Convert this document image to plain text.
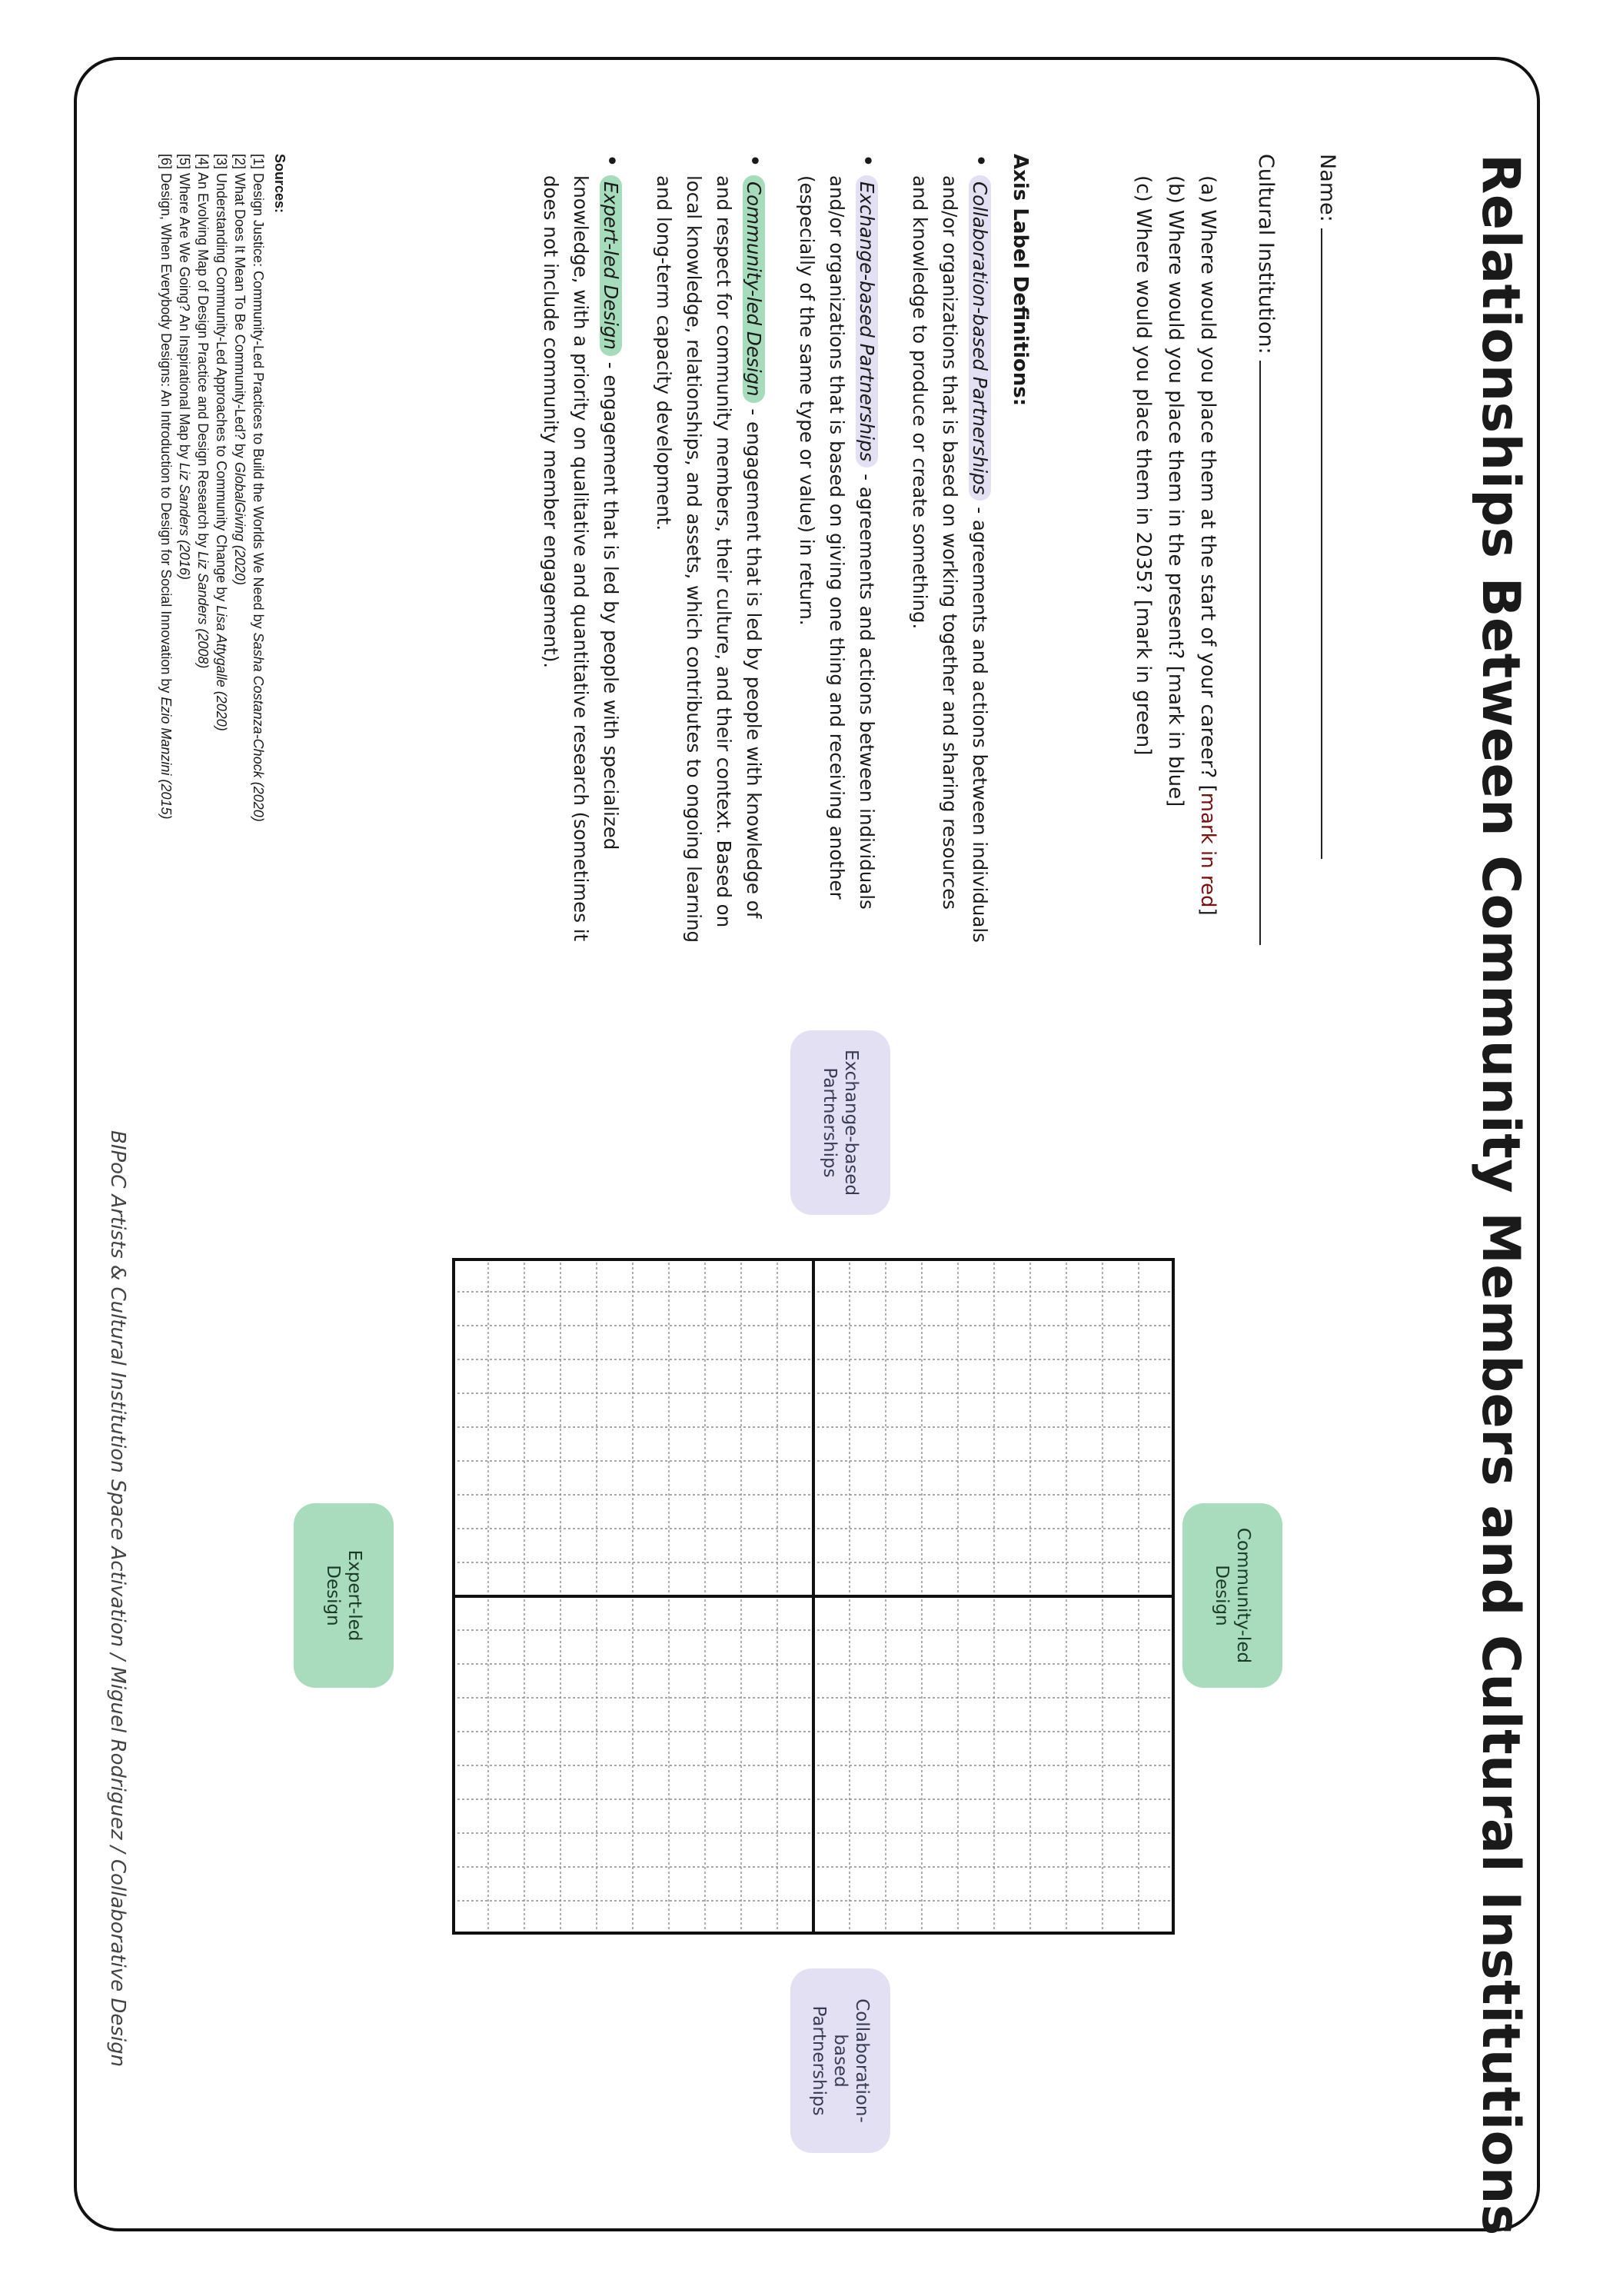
Relationships Between Community Members and Cultural Institutions
Name:
Cultural Institution:
(a) Where would you place them at the start of your career? [mark in red]
(b) Where would you place them in the present? [mark in blue]
(c) Where would you place them in 2035? [mark in green]
Axis Label Definitions:
• Collaboration-based Partnerships - agreements and actions between individuals and/or organizations that is based on working together and sharing resources and knowledge to produce or create something.
• Exchange-based Partnerships - agreements and actions between individuals and/or organizations that is based on giving one thing and receiving another (especially of the same type or value) in return.
• Community-led Design - engagement that is led by people with knowledge of and respect for community members, their culture, and their context. Based on local knowledge, relationships, and assets, which contributes to ongoing learning and long-term capacity development.
• Expert-led Design - engagement that is led by people with specialized knowledge, with a priority on qualitative and quantitative research (sometimes it does not include community member engagement).
Sources:
[1] Design Justice: Community-Led Practices to Build the Worlds We Need by Sasha Costanza-Chock (2020)
[2] What Does It Mean To Be Community-Led? by GlobalGiving (2020)
[3] Understanding Community-Led Approaches to Community Change by Lisa Attygalle (2020)
[4] An Evolving Map of Design Practice and Design Research by Liz Sanders (2008)
[5] Where Are We Going? An Inspirational Map by Liz Sanders (2016)
[6] Design, When Everybody Designs: An Introduction to Design for Social Innovation by Ezio Manzini (2015)
Exchange-based
Partnerships
Collaboration-based
Partnerships
Community-led
Design
Expert-led
Design
BIPoC Artists & Cultural Institution Space Activation / Miguel Rodriguez / Collaborative Design
